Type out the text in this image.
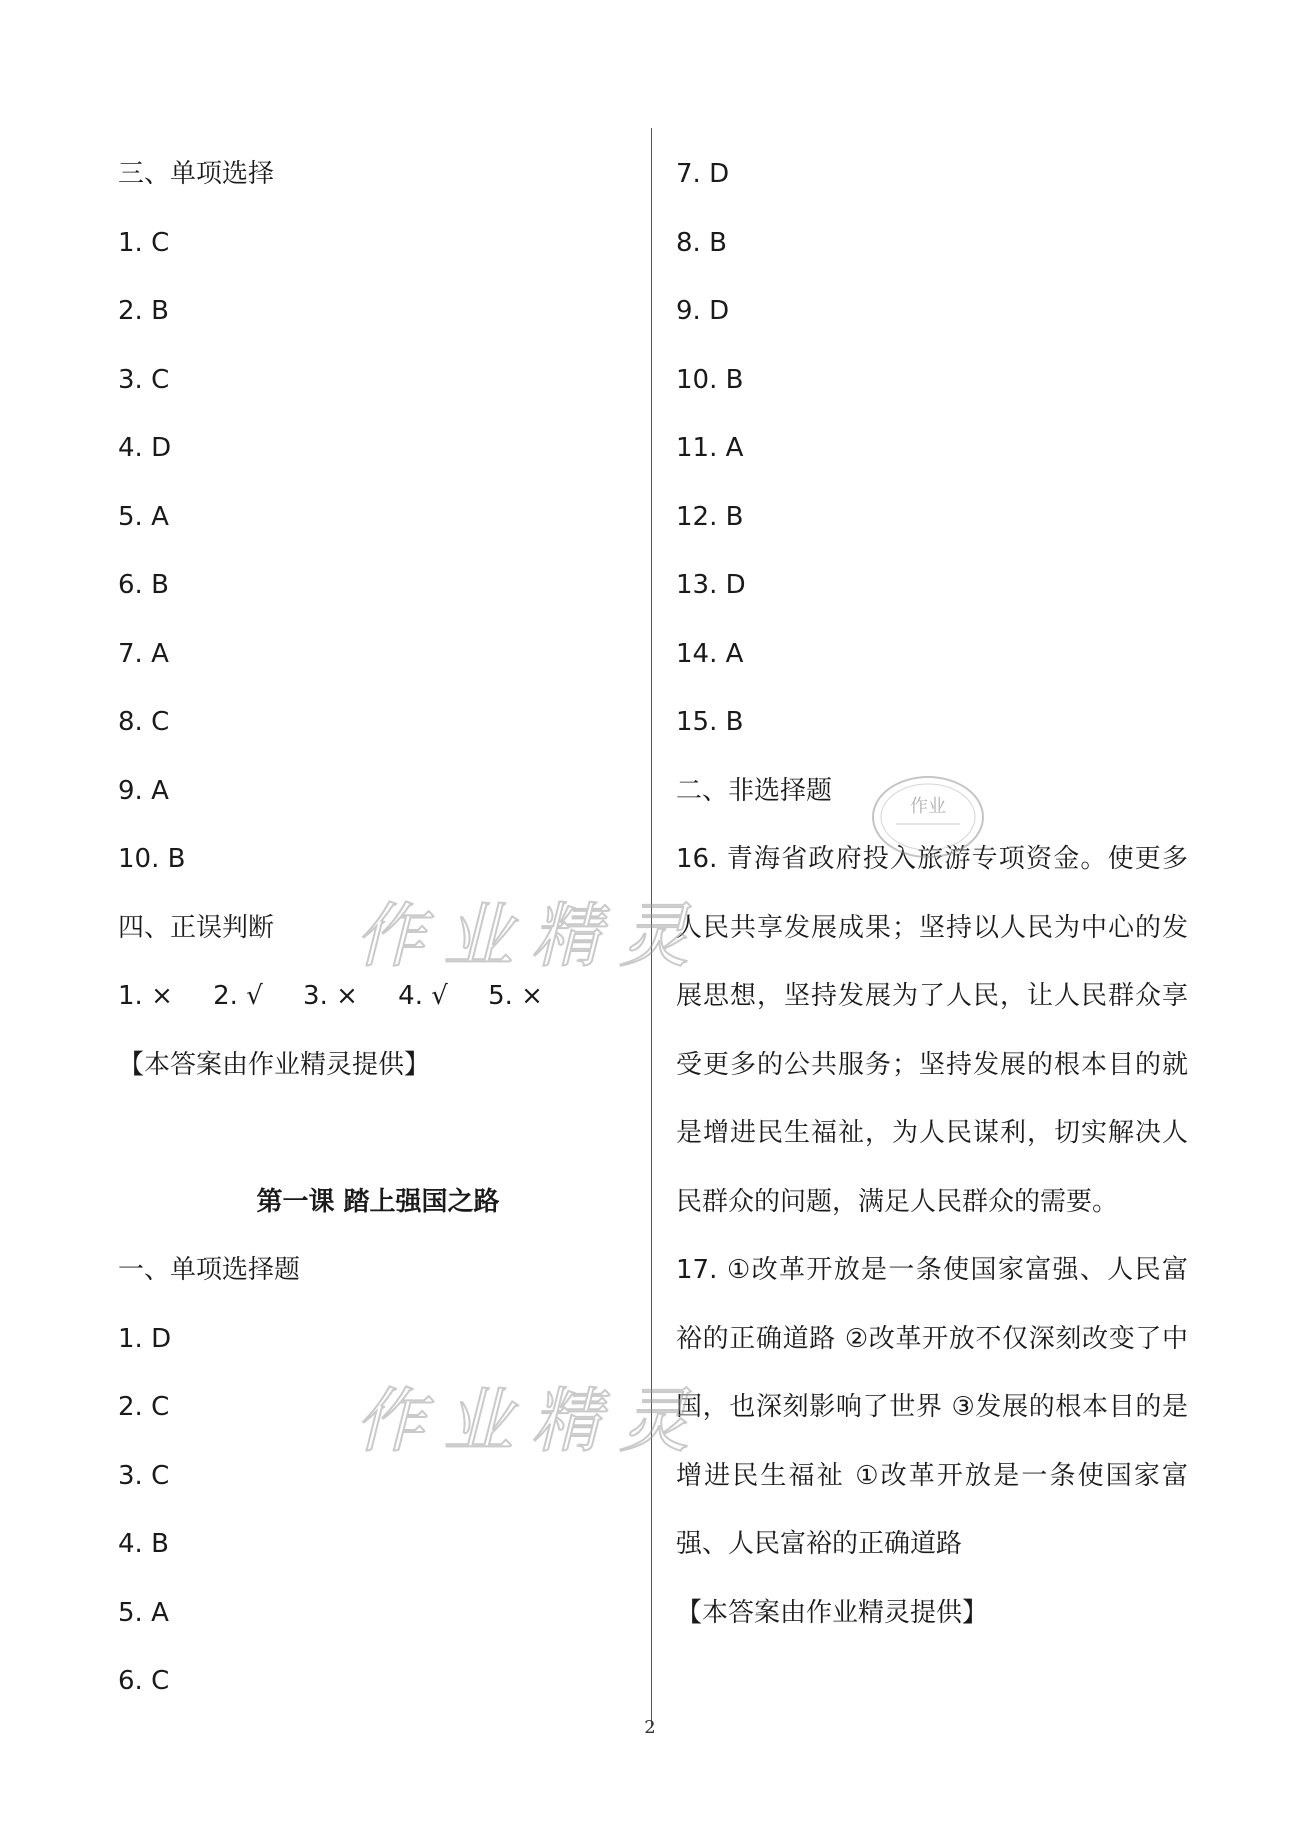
三、单项选择
1. C
2. B
3. C
4. D
5. A
6. B
7. A
8. C
9. A
10. B
四、正误判断
1. × 2. √ 3. × 4. √ 5. ×
【本答案由作业精灵提供】
第一课 踏上强国之路
一、单项选择题
1. D
2. C
3. C
4. B
5. A
6. C
7. D
8. B
9. D
10. B
11. A
12. B
13. D
14. A
15. B
二、非选择题
16. 青海省政府投入旅游专项资金。使更多人民共享发展成果；坚持以人民为中心的发展思想，坚持发展为了人民，让人民群众享受更多的公共服务；坚持发展的根本目的就是增进民生福祉，为人民谋利，切实解决人民群众的问题，满足人民群众的需要。
17. ①改革开放是一条使国家富强、人民富裕的正确道路 ②改革开放不仅深刻改变了中国，也深刻影响了世界 ③发展的根本目的是增进民生福祉 ①改革开放是一条使国家富强、人民富裕的正确道路
【本答案由作业精灵提供】
作业精灵
作业精灵
作业
2
